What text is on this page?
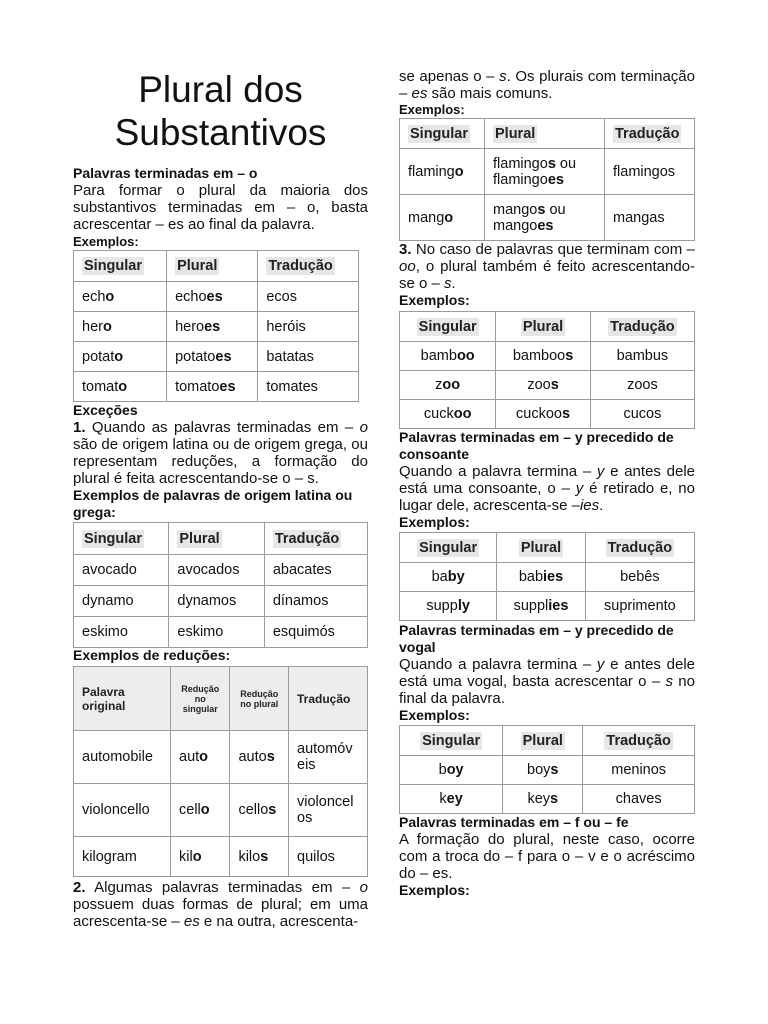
Plural dos Substantivos

Palavras terminadas em – o

Para formar o plural da maioria dos substantivos terminadas em – o, basta acrescentar – es ao final da palavra.

Exemplos:

Singular	Plural	Tradução
echo	echoes	ecos
hero	heroes	heróis
potato	potatoes	batatas
tomato	tomatoes	tomates

Exceções

1. Quando as palavras terminadas em – o são de origem latina ou de origem grega, ou representam reduções, a formação do plural é feita acrescentando-se o – s.

Exemplos de palavras de origem latina ou grega:

Singular	Plural	Tradução
avocado	avocados	abacates
dynamo	dynamos	dínamos
eskimo	eskimo	esquimós

Exemplos de reduções:

Palavra original	Redução no singular	Redução no plural	Tradução
automobile	auto	autos	automóveis
violoncello	cello	cellos	violoncelos
kilogram	kilo	kilos	quilos

2. Algumas palavras terminadas em – o possuem duas formas de plural; em uma acrescenta-se – es e na outra, acrescenta-

se apenas o – s. Os plurais com terminação – es são mais comuns.

Exemplos:

Singular	Plural	Tradução
flamingo	flamingos ou flamingoes	flamingos
mango	mangos ou mangoes	mangas

3. No caso de palavras que terminam com – oo, o plural também é feito acrescentando-se o – s.

Exemplos:

Singular	Plural	Tradução
bamboo	bamboos	bambus
zoo	zoos	zoos
cuckoo	cuckoos	cucos

Palavras terminadas em – y precedido de consoante

Quando a palavra termina – y e antes dele está uma consoante, o – y é retirado e, no lugar dele, acrescenta-se –ies.

Exemplos:

Singular	Plural	Tradução
baby	babies	bebês
supply	supplies	suprimento

Palavras terminadas em – y precedido de vogal

Quando a palavra termina – y e antes dele está uma vogal, basta acrescentar o – s no final da palavra.

Exemplos:

Singular	Plural	Tradução
boy	boys	meninos
key	keys	chaves

Palavras terminadas em – f ou – fe

A formação do plural, neste caso, ocorre com a troca do – f para o – v e o acréscimo do – es.

Exemplos:
